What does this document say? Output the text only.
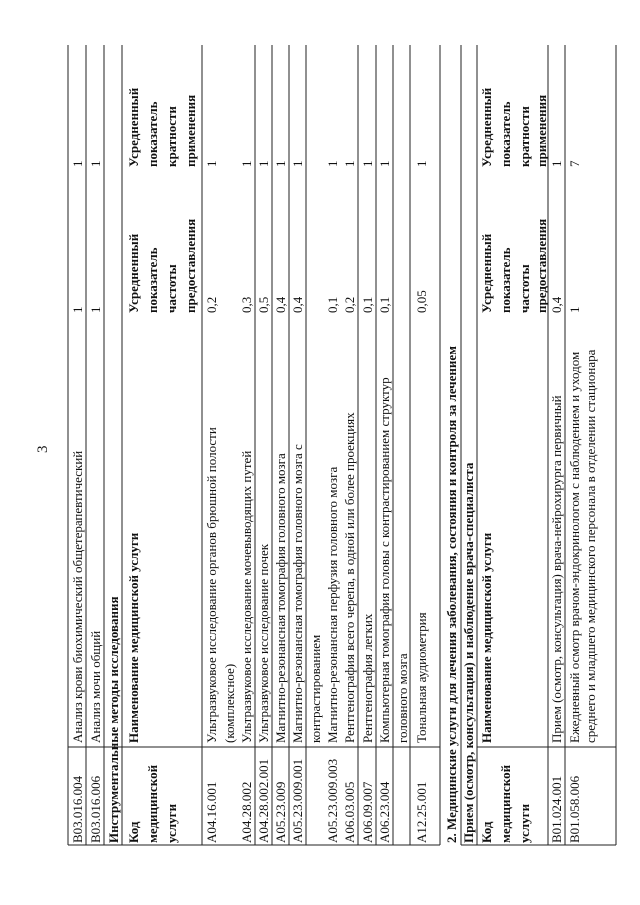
3
B03.016.004
Анализ крови биохимический общетерапевтический
1
1
B03.016.006
Анализ мочи общий
1
1
Инструментальные методы исследования Код медицинской услуги
Наименование медицинской услуги
Усредненный показатель частоты предоставления
Усредненный показатель кратности применения
A04.16.001
Ультразвуковое исследование органов брюшной полости (комплексное)
0,2
1
A04.28.002
Ультразвуковое исследование мочевыводящих путей
0,3
1
A04.28.002.001
Ультразвуковое исследование почек
0,5
1
A05.23.009
Магнитно-резонансная томография головного мозга
0,4
1
A05.23.009.001
Магнитно-резонансная томография головного мозга с контрастированием
0,4
1
A05.23.009.003
Магнитно-резонансная перфузия головного мозга
0,1
1
A06.03.005
Рентгенография всего черепа, в одной или более проекциях
0,2
1
A06.09.007
Рентгенография легких
0,1
1
A06.23.004
Компьютерная томография головы с контрастированием структур головного мозга
0,1
1
A12.25.001
Тональная аудиометрия
0,05
1
2. Медицинские услуги для лечения заболевания, состояния и контроля за лечением Прием (осмотр, консультация) и наблюдение врача-специалиста Код медицинской услуги
Наименование медицинской услуги
Усредненный показатель частоты предоставления
Усредненный показатель кратности применения
B01.024.001
Прием (осмотр, консультация) врача-нейрохирурга первичный
0,4
1
B01.058.006
Ежедневный осмотр врачом-эндокринологом с наблюдением и уходомсреднего и младшего медицинского персонала в отделении стационара
1
7
